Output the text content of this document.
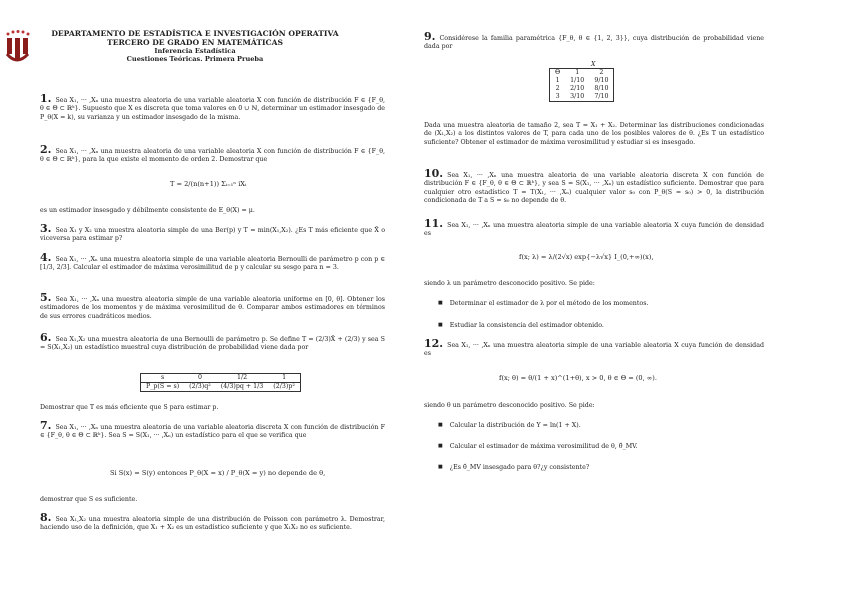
DEPARTAMENTO DE ESTADÍSTICA E INVESTIGACIÓN OPERATIVA
TERCERO DE GRADO EN MATEMÁTICAS
Inferencia Estadística
Cuestiones Teóricas. Primera Prueba

1. Sea X₁, ··· ,Xₙ una muestra aleatoria de una variable aleatoria X con función de distribución F ∈ {F_θ, θ ∈ Θ ⊂ ℝᵏ}. Supuesto que X es discreta que toma valores en 0 ∪ ℕ, determinar un estimador insesgado de P_θ(X = k), su varianza y un estimador insesgado de la misma.

2. Sea X₁, ··· ,Xₙ una muestra aleatoria de una variable aleatoria X con función de distribución F ∈ {F_θ, θ ∈ Θ ⊂ ℝᵏ}, para la que existe el momento de orden 2. Demostrar que

T = 2/(n(n+1)) Σᵢ₌₁ⁿ iXᵢ

es un estimador insesgado y débilmente consistente de E_θ(X) = μ.

3. Sea X₁ y X₂ una muestra aleatoria simple de una Ber(p) y T = min(X₁,X₂). ¿Es T más eficiente que X̄ o viceversa para estimar p?

4. Sea X₁, ··· ,Xₙ una muestra aleatoria simple de una variable aleatoria Bernoulli de parámetro p con p ∈ [1/3, 2/3]. Calcular el estimador de máxima verosimilitud de p y calcular su sesgo para n = 3.

5. Sea X₁, ··· ,Xₙ una muestra aleatoria simple de una variable aleatoria uniforme en [0, θ]. Obtener los estimadores de los momentos y de máxima verosimilitud de θ. Comparar ambos estimadores en términos de sus errores cuadráticos medios.

6. Sea X₁,X₂ una muestra aleatoria de una Bernoulli de parámetro p. Se define T = (2/3)X̄ + (2/3) y sea S = S(X₁,X₂) un estadístico muestral cuya distribución de probabilidad viene dada por

s	0	1/2	1
P_p(S = s)	(2/3)q²	(4/3)pq + 1/3	(2/3)p²

Demostrar que T es más eficiente que S para estimar p.

7. Sea X₁, ··· ,Xₙ una muestra aleatoria de una variable aleatoria discreta X con función de distribución F ∈ {F_θ, θ ∈ Θ ⊂ ℝᵏ}. Sea S = S(X₁, ··· ,Xₙ) un estadístico para el que se verifica que

Si S(x) = S(y) entonces P_θ(X = x) / P_θ(X = y) no depende de θ,

demostrar que S es suficiente.

8. Sea X₁,X₂ una muestra aleatoria simple de una distribución de Poisson con parámetro λ. Demostrar, haciendo uso de la definición, que X₁ + X₂ es un estadístico suficiente y que X₁X₂ no es suficiente.

9. Considérese la familia paramétrica {F_θ, θ ∈ {1, 2, 3}}, cuya distribución de probabilidad viene dada por

X
Θ	1	2
1	1/10	9/10
2	2/10	8/10
3	3/10	7/10

Dada una muestra aleatoria de tamaño 2, sea T = X₁ + X₂. Determinar las distribuciones condicionadas de (X₁,X₂) a los distintos valores de T, para cada uno de los posibles valores de θ. ¿Es T un estadístico suficiente? Obtener el estimador de máxima verosimilitud y estudiar si es insesgado.

10. Sea X₁, ··· ,Xₙ una muestra aleatoria de una variable aleatoria discreta X con función de distribución F ∈ {F_θ, θ ∈ Θ ⊂ ℝᵏ}, y sea S = S(X₁, ··· ,Xₙ) un estadístico suficiente. Demostrar que para cualquier otro estadístico T = T(X₁, ··· ,Xₙ) cualquier valor s₀ con P_θ(S = s₀) > 0, la distribución condicionada de T a S = s₀ no depende de θ.

11. Sea X₁, ··· ,Xₙ una muestra aleatoria simple de una variable aleatoria X cuya función de densidad es

f(x; λ) = λ/(2√x) exp{−λ√x} I_(0,+∞)(x),

siendo λ un parámetro desconocido positivo. Se pide:

■ Determinar el estimador de λ por el método de los momentos.
■ Estudiar la consistencia del estimador obtenido.

12. Sea X₁, ··· ,Xₙ una muestra aleatoria simple de una variable aleatoria X cuya función de densidad es

f(x; θ) = θ/(1 + x)^(1+θ), x > 0, θ ∈ Θ = (0, ∞).

siendo θ un parámetro desconocido positivo. Se pide:

■ Calcular la distribución de Y = ln(1 + X).
■ Calcular el estimador de máxima verosimilitud de θ, θ̂_MV.
■ ¿Es θ̂_MV insesgado para θ?¿y consistente?
